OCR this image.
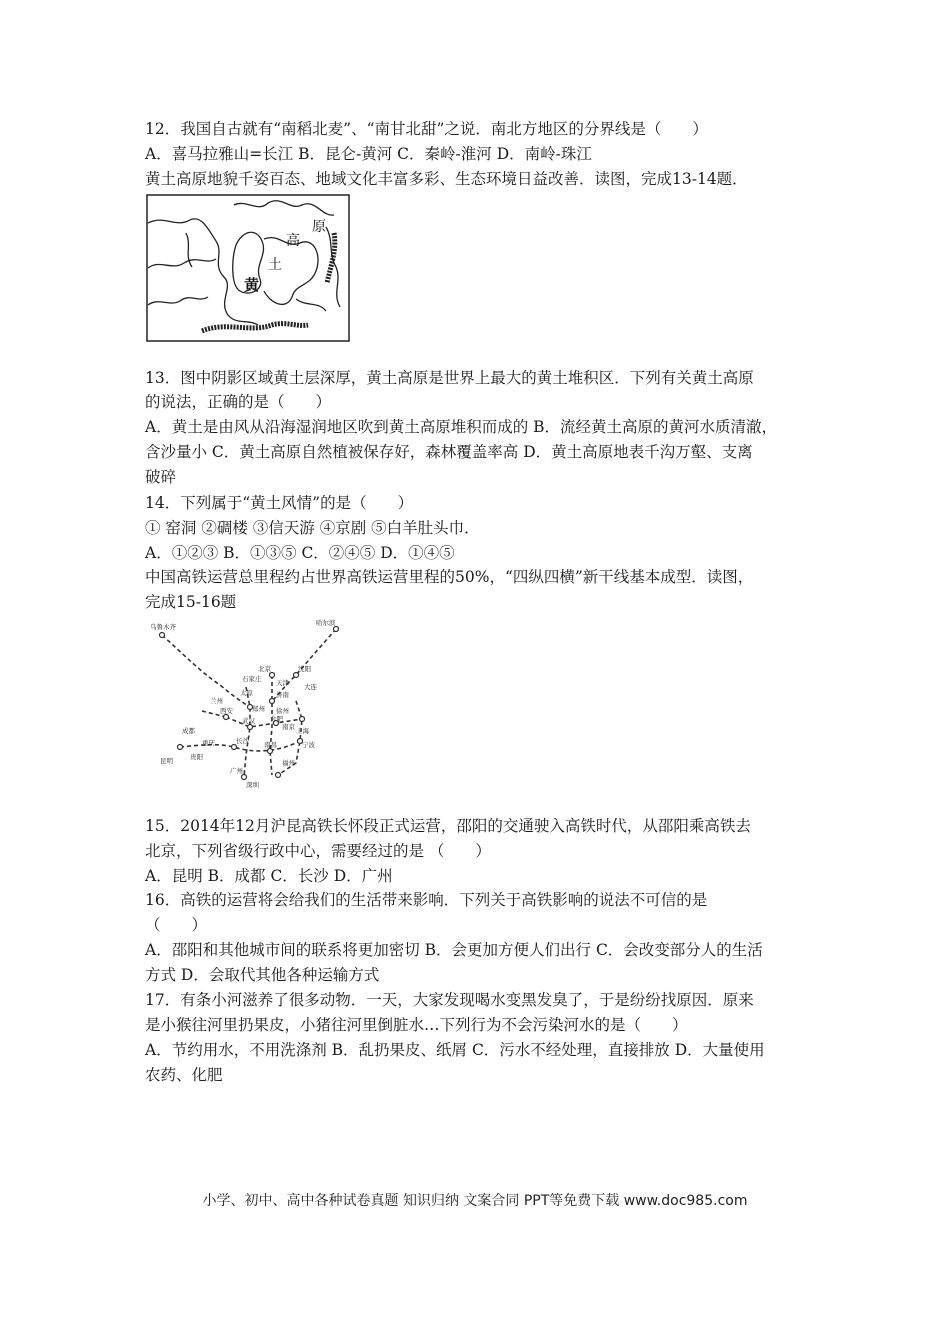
12．我国自古就有“南稻北麦”、“南甘北甜”之说．南北方地区的分界线是（　　）
A．喜马拉雅山=长江 B．昆仑-黄河 C．秦岭-淮河 D．南岭-珠江
黄土高原地貌千姿百态、地域文化丰富多彩、生态环境日益改善．读图，完成13-14题．
黄
土
高
原
13．图中阴影区域黄土层深厚，黄土高原是世界上最大的黄土堆积区．下列有关黄土高原
的说法，正确的是（　　）
A．黄土是由风从沿海湿润地区吹到黄土高原堆积而成的 B．流经黄土高原的黄河水质清澈，
含沙量小 C．黄土高原自然植被保存好，森林覆盖率高 D．黄土高原地表千沟万壑、支离
破碎
14．下列属于“黄土风情”的是（　　）
① 窑洞 ②碉楼 ③信天游 ④京剧 ⑤白羊肚头巾．
A．①②③ B．①③⑤ C．②④⑤ D．①④⑤
中国高铁运营总里程约占世界高铁运营里程的50%，“四纵四横”新干线基本成型．读图，
完成15-16题
乌鲁木齐	哈尔滨
北京	沈阳
石家庄 天津 大连
太原	济南
兰州
郑州
西安	徐州
成都
武汉
南京
合肥
上海
重庆	宁波
长沙 南昌
贵阳
昆明	福州
广州
深圳
15．2014年12月沪昆高铁长怀段正式运营，邵阳的交通驶入高铁时代，从邵阳乘高铁去
北京，下列省级行政中心，需要经过的是 （　　）
A．昆明 B．成都 C．长沙 D．广州
16．高铁的运营将会给我们的生活带来影响．下列关于高铁影响的说法不可信的是
（　　）
A．邵阳和其他城市间的联系将更加密切 B．会更加方便人们出行 C．会改变部分人的生活
方式 D．会取代其他各种运输方式
17．有条小河滋养了很多动物．一天，大家发现喝水变黑发臭了，于是纷纷找原因．原来
是小猴往河里扔果皮，小猪往河里倒脏水…下列行为不会污染河水的是（　　）
A．节约用水，不用洗涤剂 B．乱扔果皮、纸屑 C．污水不经处理，直接排放 D．大量使用
农药、化肥
小学、初中、高中各种试卷真题 知识归纳 文案合同 PPT等免费下载 www.doc985.com
